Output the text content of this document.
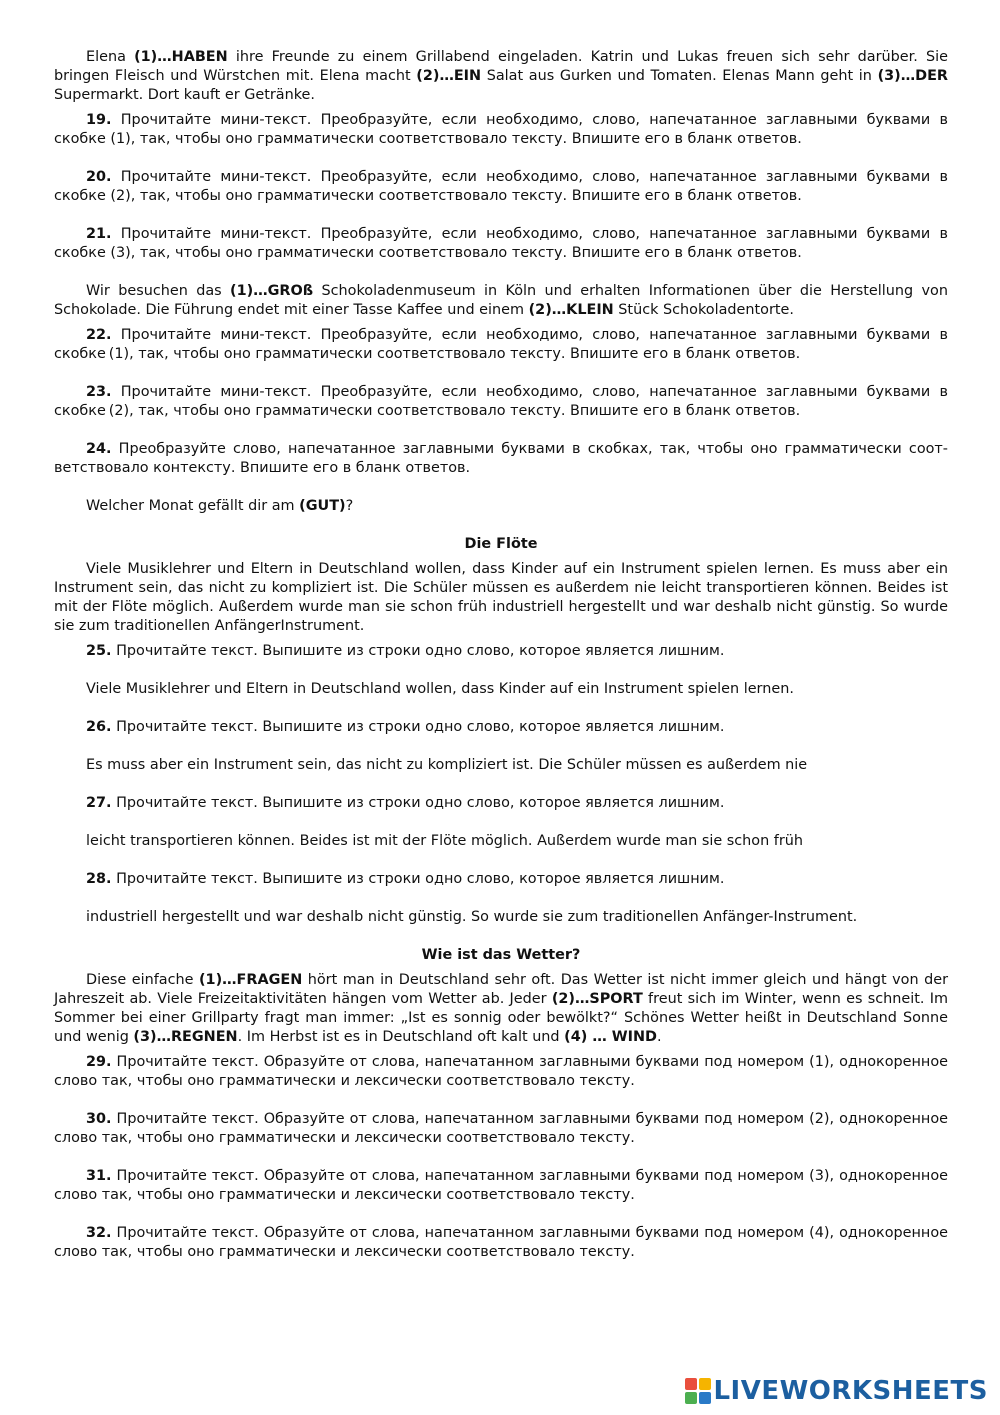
Elena (1)…HABEN ihre Freunde zu einem Grillabend eingeladen. Katrin und Lukas freuen sich sehr darüber. Sie bringen Fleisch und Würstchen mit. Elena macht (2)…EIN Salat aus Gurken und Tomaten. Elenas Mann geht in (3)…DER Supermarkt. Dort kauft er Getränke.

19. Прочитайте мини-текст. Преобразуйте, если необходимо, слово, напечатанное заглавными буквами в скобке (1), так, чтобы оно грамматически соответствовало тексту. Впишите его в бланк ответов.

20. Прочитайте мини-текст. Преобразуйте, если необходимо, слово, напечатанное заглавными буквами в скобке (2), так, чтобы оно грамматически соответствовало тексту. Впишите его в бланк ответов.

21. Прочитайте мини-текст. Преобразуйте, если необходимо, слово, напечатанное заглавными буквами в скобке (3), так, чтобы оно грамматически соответствовало тексту. Впишите его в бланк ответов.

Wir besuchen das (1)…GROß Schokoladenmuseum in Köln und erhalten Informationen über die Herstellung von Schokolade. Die Führung endet mit einer Tasse Kaffee und einem (2)…KLEIN Stück Schokoladentorte.

22. Прочитайте мини-текст. Преобразуйте, если необходимо, слово, напечатанное заглавными буквами в скобке (1), так, чтобы оно грамматически соответствовало тексту. Впишите его в бланк ответов.

23. Прочитайте мини-текст. Преобразуйте, если необходимо, слово, напечатанное заглавными буквами в скобке (2), так, чтобы оно грамматически соответствовало тексту. Впишите его в бланк ответов.

24. Преобразуйте слово, напечатанное заглавными буквами в скобках, так, чтобы оно грамматически соот-ветствовало контексту. Впишите его в бланк ответов.

Welcher Monat gefällt dir am (GUT)?

Die Flöte

Viele Musiklehrer und Eltern in Deutschland wollen, dass Kinder auf ein Instrument spielen lernen. Es muss aber ein Instrument sein, das nicht zu kompliziert ist. Die Schüler müssen es außerdem nie leicht transportieren können. Beides ist mit der Flöte möglich. Außerdem wurde man sie schon früh industriell hergestellt und war deshalb nicht günstig. So wurde sie zum traditionellen AnfängerInstrument.

25. Прочитайте текст. Выпишите из строки одно слово, которое является лишним.

Viele Musiklehrer und Eltern in Deutschland wollen, dass Kinder auf ein Instrument spielen lernen.

26. Прочитайте текст. Выпишите из строки одно слово, которое является лишним.

Es muss aber ein Instrument sein, das nicht zu kompliziert ist. Die Schüler müssen es außerdem nie

27. Прочитайте текст. Выпишите из строки одно слово, которое является лишним.

leicht transportieren können. Beides ist mit der Flöte möglich. Außerdem wurde man sie schon früh

28. Прочитайте текст. Выпишите из строки одно слово, которое является лишним.

industriell hergestellt und war deshalb nicht günstig. So wurde sie zum traditionellen Anfänger-Instrument.

Wie ist das Wetter?

Diese einfache (1)…FRAGEN hört man in Deutschland sehr oft. Das Wetter ist nicht immer gleich und hängt von der Jahreszeit ab. Viele Freizeitaktivitäten hängen vom Wetter ab. Jeder (2)…SPORT freut sich im Winter, wenn es schneit. Im Sommer bei einer Grillparty fragt man immer: „Ist es sonnig oder bewölkt?“ Schönes Wetter heißt in Deutschland Sonne und wenig (3)…REGNEN. Im Herbst ist es in Deutschland oft kalt und (4) … WIND.

29. Прочитайте текст. Образуйте от слова, напечатанном заглавными буквами под номером (1), однокоренное слово так, чтобы оно грамматически и лексически соответствовало тексту.

30. Прочитайте текст. Образуйте от слова, напечатанном заглавными буквами под номером (2), однокоренное слово так, чтобы оно грамматически и лексически соответствовало тексту.

31. Прочитайте текст. Образуйте от слова, напечатанном заглавными буквами под номером (3), однокоренное слово так, чтобы оно грамматически и лексически соответствовало тексту.

32. Прочитайте текст. Образуйте от слова, напечатанном заглавными буквами под номером (4), однокоренное слово так, чтобы оно грамматически и лексически соответствовало тексту.

LIVEWORKSHEETS
